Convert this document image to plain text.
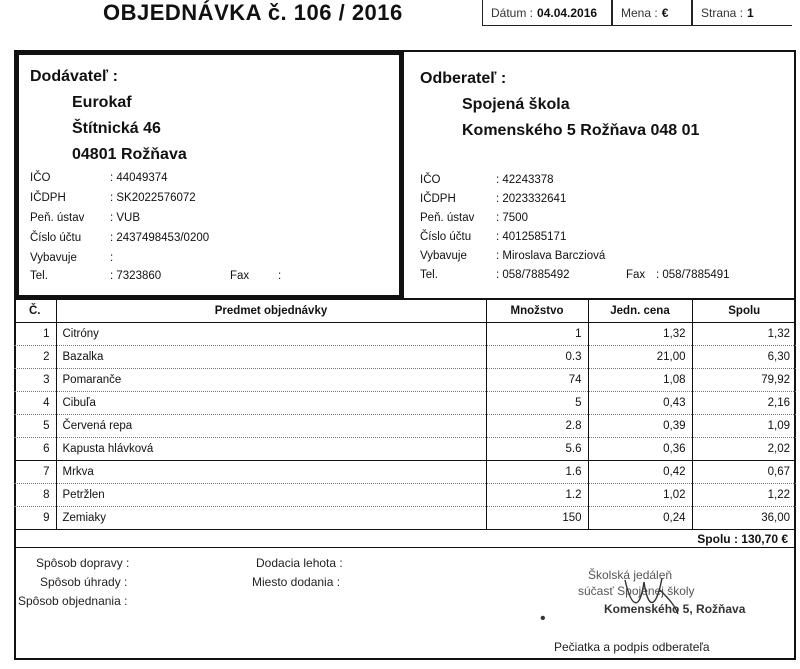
OBJEDNÁVKA č. 106 / 2016	Dátum : 04.04.2016 Mena : €	Strana : 1
Dodávateľ :
Eurokaf
Štítnická 46
04801 Rožňava
IČO	: 44049374
IČDPH	: SK2022576072
Peň. ústav : VUB
Číslo účtu	: 2437498453/0200
Vybavuje	:
Tel.	: 7323860	Fax	:
Odberateľ :
Spojená škola
Komenského 5 Rožňava 048 01
IČO	: 42243378
IČDPH	: 2023332641
Peň. ústav : 7500
Číslo účtu : 4012585171
Vybavuje	: Miroslava Barcziová
Tel.	: 058/7885492	Fax : 058/7885491
Č.	Predmet objednávky	Množstvo	Jedn. cena	Spolu
1	Citróny	1	1,32	1,32
2	Bazalka	0.3	21,00	6,30
3	Pomaranče	74	1,08	79,92
4	Cibuľa	5	0,43	2,16
5	Červená repa	2.8	0,39	1,09
6	Kapusta hlávková	5.6	0,36	2,02
7	Mrkva	1.6	0,42	0,67
8	Petržlen	1.2	1,02	1,22
9	Zemiaky	150	0,24	36,00
Spolu : 130,70 €
Spôsob dopravy :
Spôsob úhrady :
Spôsob objednania :
Dodacia lehota :
Miesto dodania :	Školská jedáleň
súčasť Spojenej školy
Komenského 5, Rožňava
•
Pečiatka a podpis odberateľa
